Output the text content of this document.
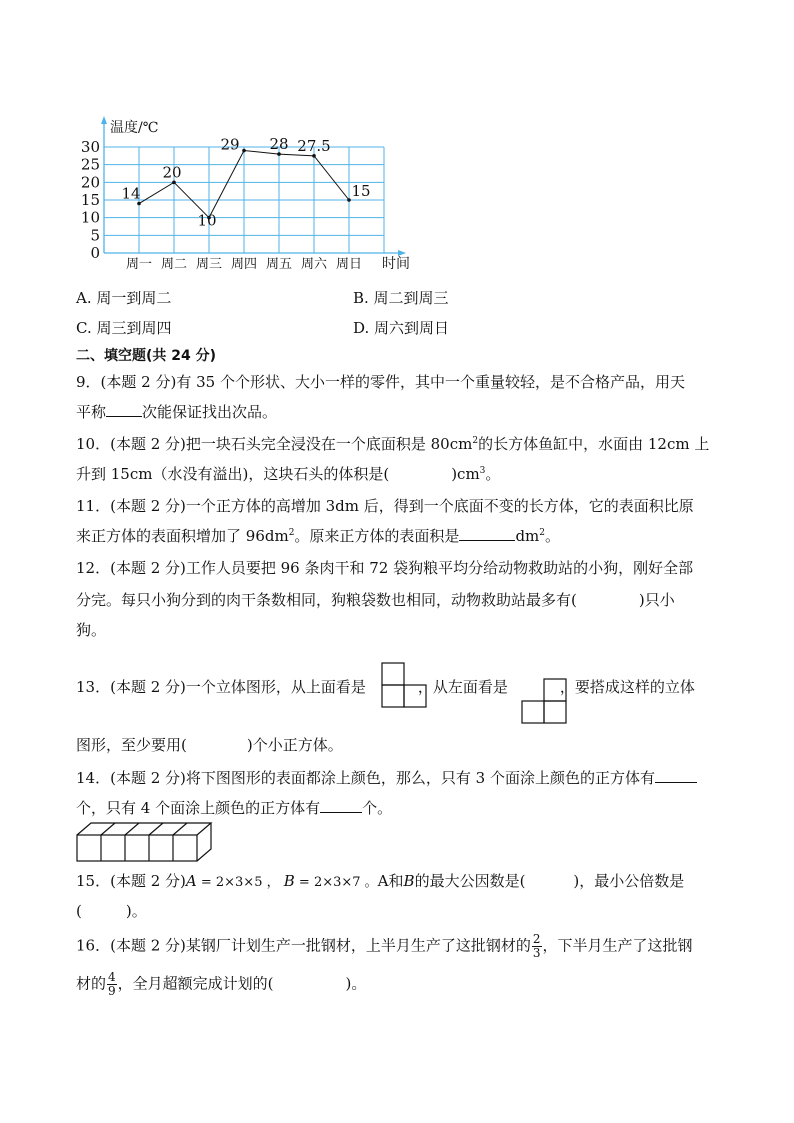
0
5
10
15
20
25
30
温度/℃
时间
周一 周二 周三 周四 周五 周六 周日
14
20
10
29 28 27.5
15
A. 周一到周二	B. 周二到周三
C. 周三到周四	D. 周六到周日
二、填空题(共 24 分)
9．(本题 2 分)有 35 个个形状、大小一样的零件，其中一个重量较轻，是不合格产品，用天
平称 次能保证找出次品。
10．(本题 2 分)把一块石头完全浸没在一个底面积是 $80cm^2$的长方体鱼缸中，水面由 12cm 上
升到 15cm（水没有溢出)，这块石头的体积是(	)$cm^3$。
11．(本题 2 分)一个正方体的高增加 3dm 后，得到一个底面不变的长方体，它的表面积比原
来正方体的表面积增加了 $96dm^2$。原来正方体的表面积是	$dm^2$。
12．(本题 2 分)工作人员要把 96 条肉干和 72 袋狗粮平均分给动物救助站的小狗，刚好全部
分完。每只小狗分到的肉干条数相同，狗粮袋数也相同，动物救助站最多有(	)只小
狗。
13．(本题 2 分)一个立体图形，从上面看是	，从左面看是	，要搭成这样的立体
图形，至少要用(	)个小正方体。
14．(本题 2 分)将下图图形的表面都涂上颜色，那么，只有 3 个面涂上颜色的正方体有
个，只有 4 个面涂上颜色的正方体有	个。
15．(本题 2 分)A = 2×3×5 ， B = 2×3×7 。A和B的最大公因数是(	)，最小公倍数是
(	)。
16．(本题 2 分)某钢厂计划生产一批钢材，上半月生产了这批钢材的 $\frac{2}{3}$ ，下半月生产了这批钢
材的 $\frac{4}{9}$ ，全月超额完成计划的(	)。
